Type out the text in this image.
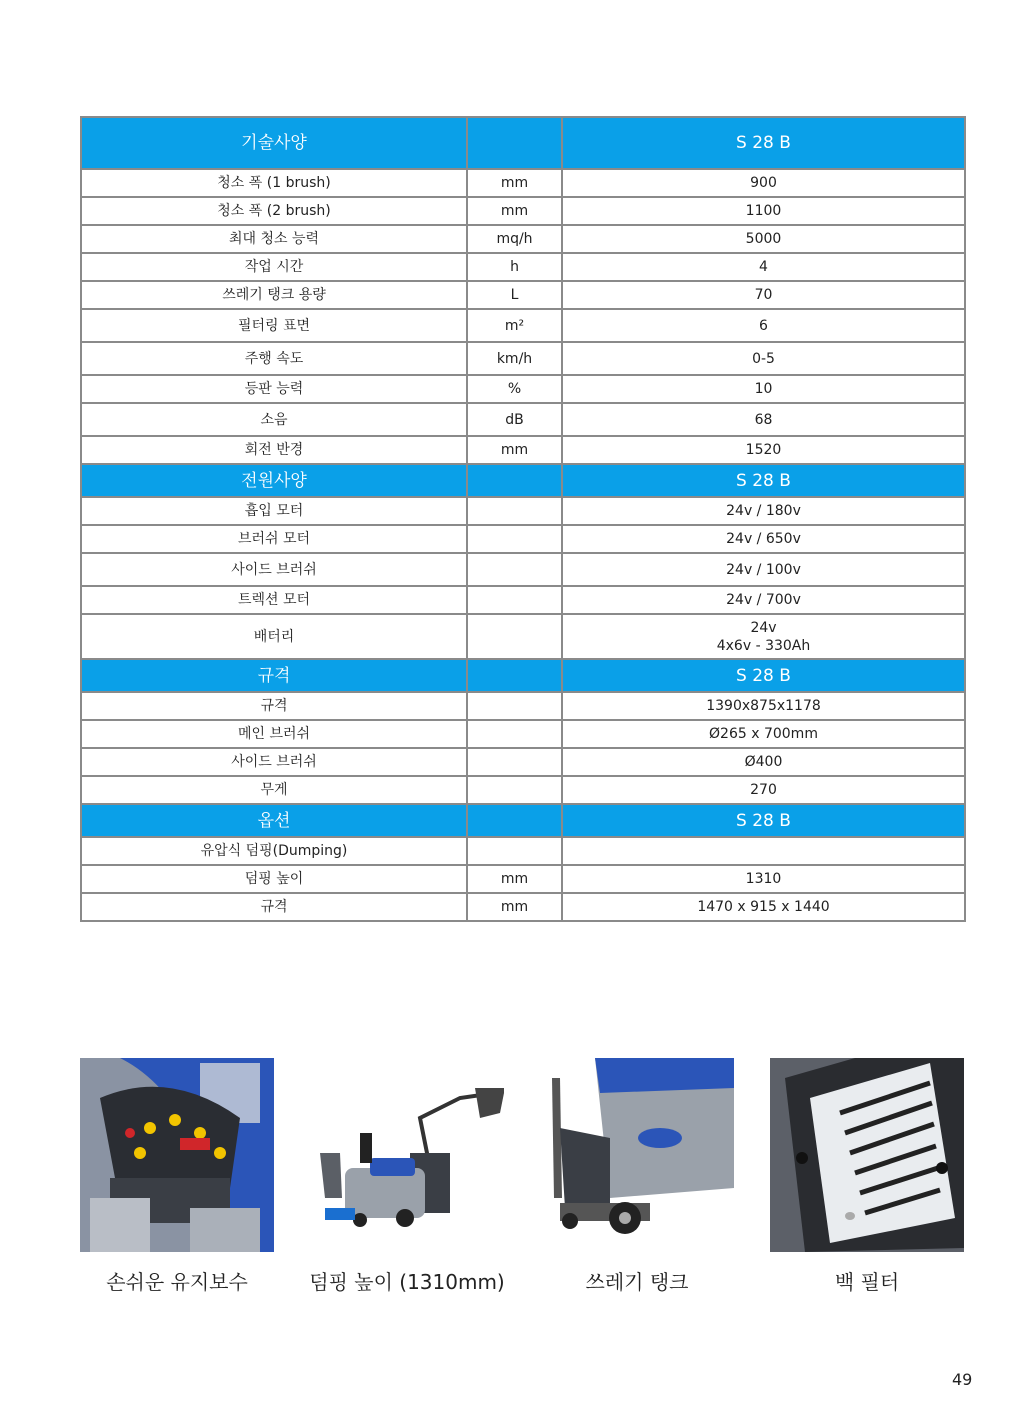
기술사양		S 28 B
청소 폭 (1 brush)	mm	900
청소 폭 (2 brush)	mm	1100
최대 청소 능력	mq/h	5000
작업 시간	h	4
쓰레기 탱크 용량	L	70
필터링 표면	m²	6
주행 속도	km/h	0-5
등판 능력	%	10
소음	dB	68
회전 반경	mm	1520
전원사양		S 28 B
흡입 모터		24v / 180v
브러쉬 모터		24v / 650v
사이드 브러쉬		24v / 100v
트렉션 모터		24v / 700v
배터리		24v
4x6v - 330Ah

규격		S 28 B
규격		1390x875x1178
메인 브러쉬		Ø265 x 700mm
사이드 브러쉬		Ø400
무게		270
옵션		S 28 B
유압식 덤핑(Dumping)		
덤핑 높이	mm	1310
규격	mm	1470 x 915 x 1440
손쉬운 유지보수	덤핑 높이 (1310mm)	쓰레기 탱크	백 필터
49
